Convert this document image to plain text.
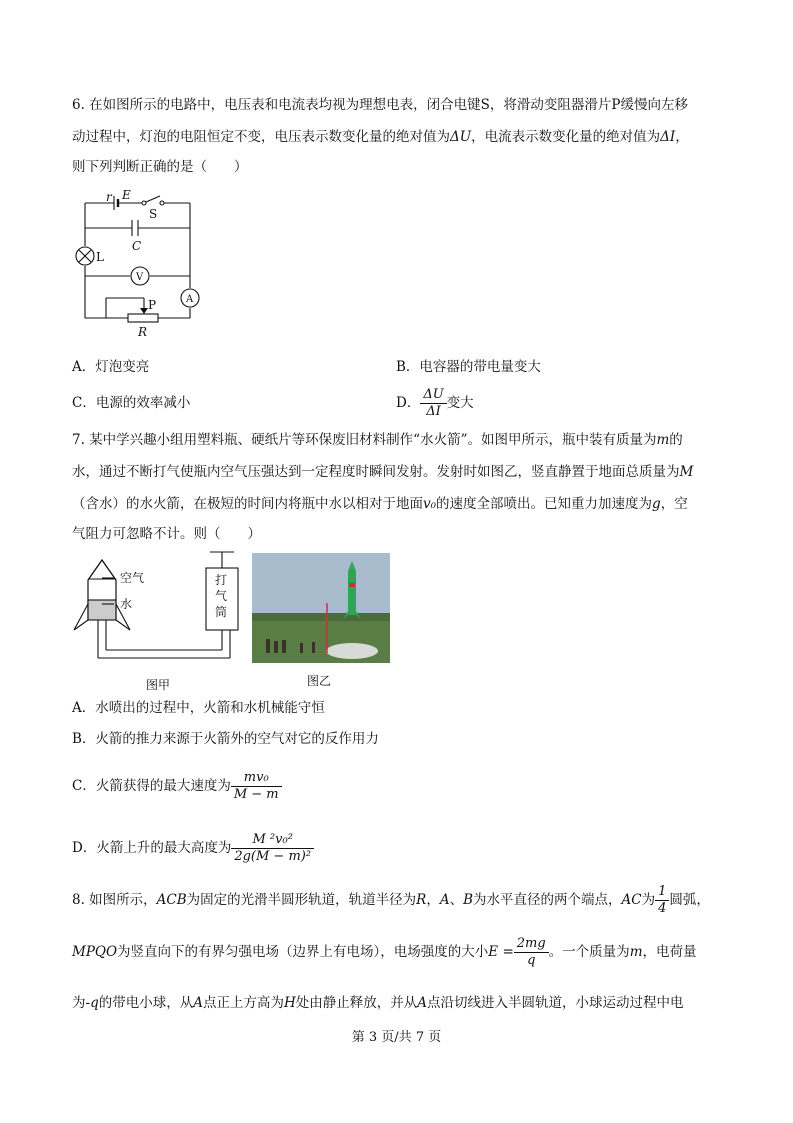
6. 在如图所示的电路中，电压表和电流表均视为理想电表，闭合电键S，将滑动变阻器滑片P缓慢向左移
动过程中，灯泡的电阻恒定不变，电压表示数变化量的绝对值为ΔU，电流表示数变化量的绝对值为ΔI，
则下列判断正确的是（　　）
r E
S
C
L
V
A
P
R
A．灯泡变亮	B．电容器的带电量变大
C．电源的效率减小	D． $\frac{\Delta U}{\Delta I}$ 变大
7. 某中学兴趣小组用塑料瓶、硬纸片等环保废旧材料制作“水火箭”。如图甲所示，瓶中装有质量为m的
水，通过不断打气使瓶内空气压强达到一定程度时瞬间发射。发射时如图乙，竖直静置于地面总质量为M
（含水）的水火箭，在极短的时间内将瓶中水以相对于地面v₀的速度全部喷出。已知重力加速度为g，空
气阻力可忽略不计。则（　　）
空气
水
打
气
筒
图甲	图乙
A．水喷出的过程中，火箭和水机械能守恒
B．火箭的推力来源于火箭外的空气对它的反作用力
C．火箭获得的最大速度为 $\frac{\text{mv₀}}{M - m}$
D．火箭上升的最大高度为 $\frac{\text{M ²v₀²}}{\text{2g(M − m)²}}$
8. 如图所示，ACB为固定的光滑半圆形轨道，轨道半径为R，A、B为水平直径的两个端点，AC为 $\frac{1}{4}$ 圆弧，
MPQO为竖直向下的有界匀强电场（边界上有电场），电场强度的大小$E = \frac{2mg}{q}$ 。一个质量为m，电荷量
为-q的带电小球，从A点正上方高为H处由静止释放，并从A点沿切线进入半圆轨道，小球运动过程中电
第 3 页/共 7 页
